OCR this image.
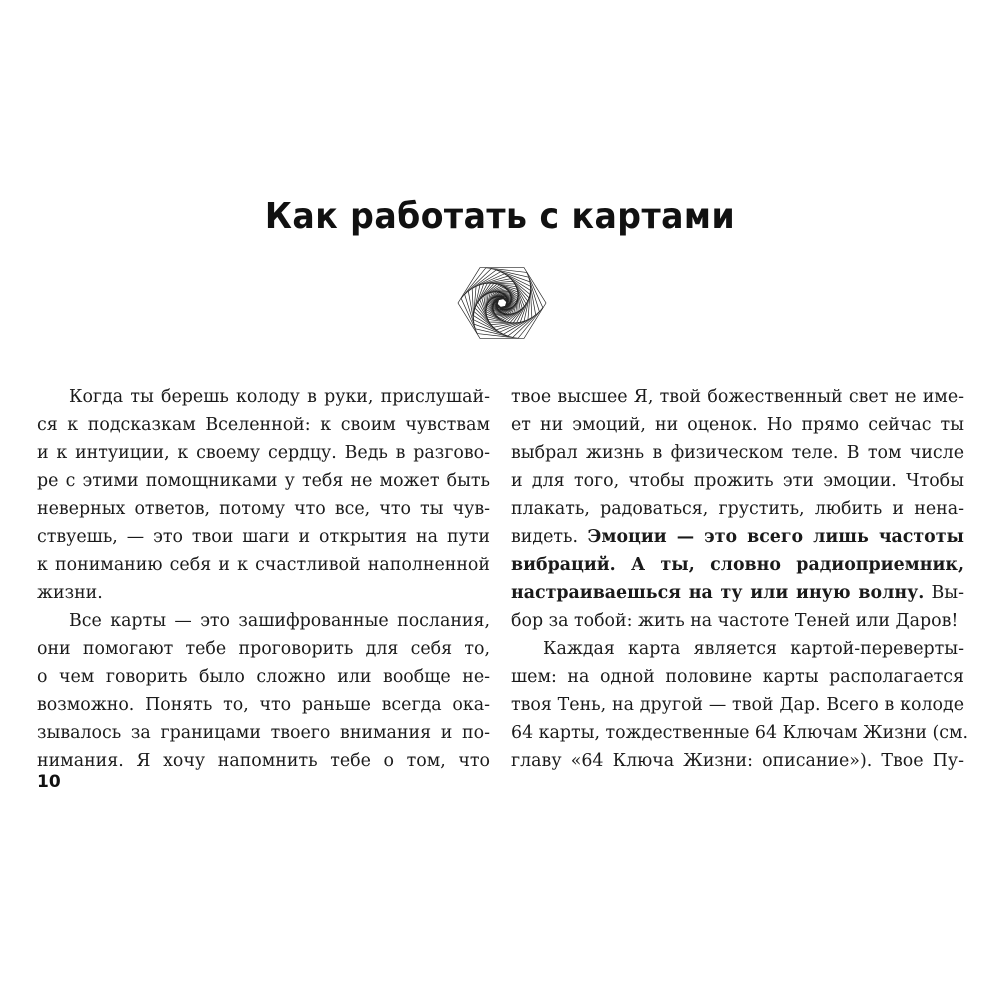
Как работать с картами

Когда ты берешь колоду в руки, прислушай-
ся к подсказкам Вселенной: к своим чувствам
и к интуиции, к своему сердцу. Ведь в разгово-
ре с этими помощниками у тебя не может быть
неверных ответов, потому что все, что ты чув-
ствуешь, — это твои шаги и открытия на пути
к пониманию себя и к счастливой наполненной
жизни.

Все карты — это зашифрованные послания,
они помогают тебе проговорить для себя то,
о чем говорить было сложно или вообще не-
возможно. Понять то, что раньше всегда ока-
зывалось за границами твоего внимания и по-
нимания. Я хочу напомнить тебе о том, что

твое высшее Я, твой божественный свет не име-
ет ни эмоций, ни оценок. Но прямо сейчас ты
выбрал жизнь в физическом теле. В том числе
и для того, чтобы прожить эти эмоции. Чтобы
плакать, радоваться, грустить, любить и нена-
видеть. Эмоции — это всего лишь частоты
вибраций. А ты, словно радиоприемник,
настраиваешься на ту или иную волну. Вы-
бор за тобой: жить на частоте Теней или Даров!

Каждая карта является картой-переверты-
шем: на одной половине карты располагается
твоя Тень, на другой — твой Дар. Всего в колоде
64 карты, тождественные 64 Ключам Жизни (см.
главу «64 Ключа Жизни: описание»). Твое Пу-

10
